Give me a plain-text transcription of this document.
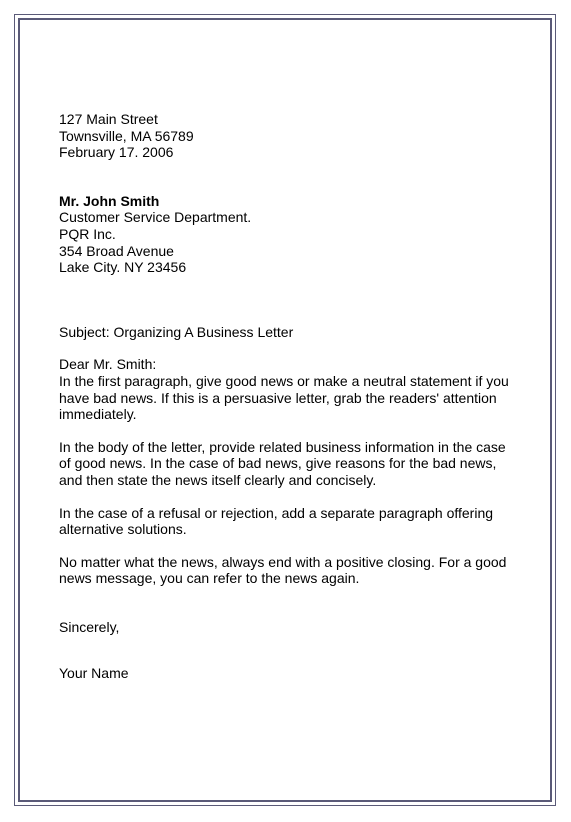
127 Main Street
Townsville, MA 56789
February 17. 2006
Mr. John Smith
Customer Service Department.
PQR Inc.
354 Broad Avenue
Lake City. NY 23456
Subject: Organizing A Business Letter
Dear Mr. Smith:
In the first paragraph, give good news or make a neutral statement if you
have bad news. If this is a persuasive letter, grab the readers' attention
immediately.
In the body of the letter, provide related business information in the case
of good news. In the case of bad news, give reasons for the bad news,
and then state the news itself clearly and concisely.
In the case of a refusal or rejection, add a separate paragraph offering
alternative solutions.
No matter what the news, always end with a positive closing. For a good
news message, you can refer to the news again.
Sincerely,
Your Name
